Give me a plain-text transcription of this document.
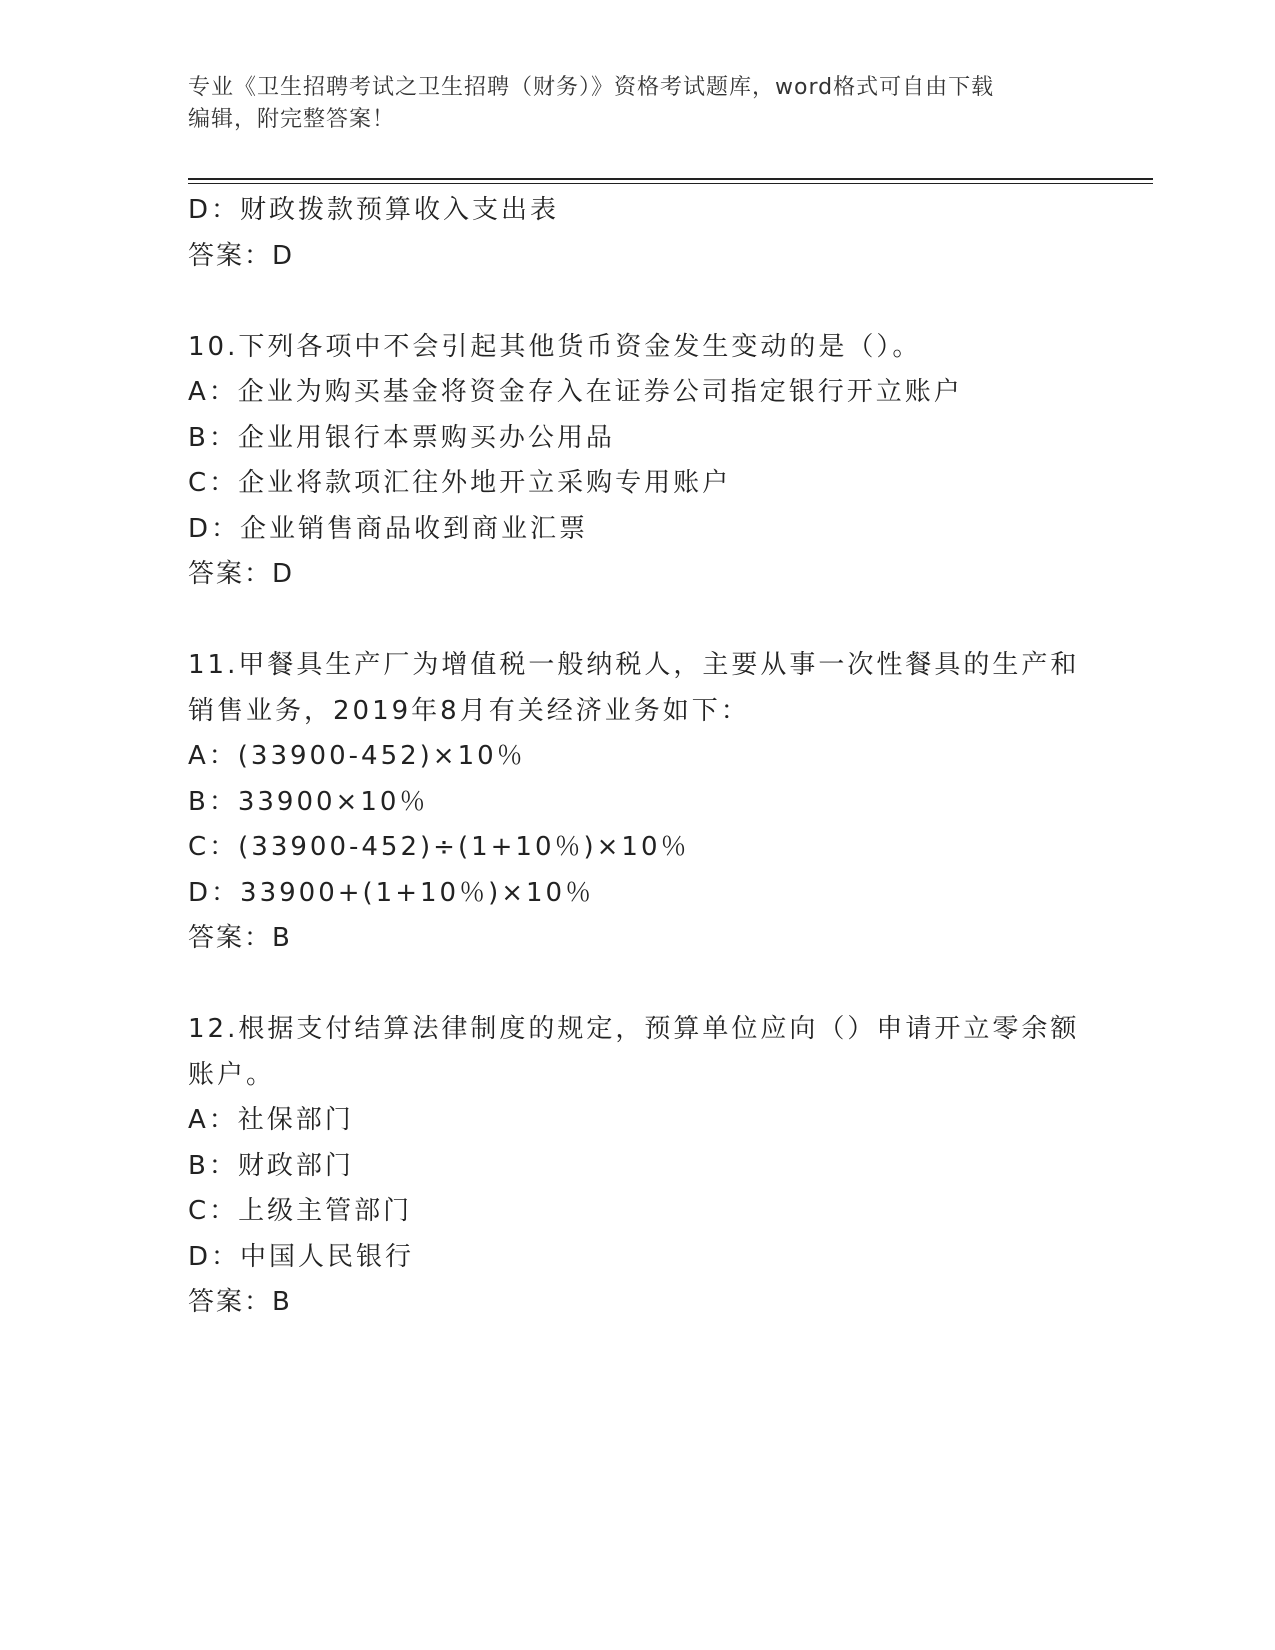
专业《卫生招聘考试之卫生招聘（财务）》资格考试题库，word格式可自由下载
编辑，附完整答案！
D：财政拨款预算收入支出表
答案：D
10.下列各项中不会引起其他货币资金发生变动的是（）。
A：企业为购买基金将资金存入在证券公司指定银行开立账户
B：企业用银行本票购买办公用品
C：企业将款项汇往外地开立采购专用账户
D：企业销售商品收到商业汇票
答案：D
11.甲餐具生产厂为增值税一般纳税人，主要从事一次性餐具的生产和
销售业务，2019年8月有关经济业务如下：
A：(33900-452)×10％
B：33900×10％
C：(33900-452)÷(1+10％)×10％
D：33900+(1+10％)×10％
答案：B
12.根据支付结算法律制度的规定，预算单位应向（）申请开立零余额
账户。
A：社保部门
B：财政部门
C：上级主管部门
D：中国人民银行
答案：B
